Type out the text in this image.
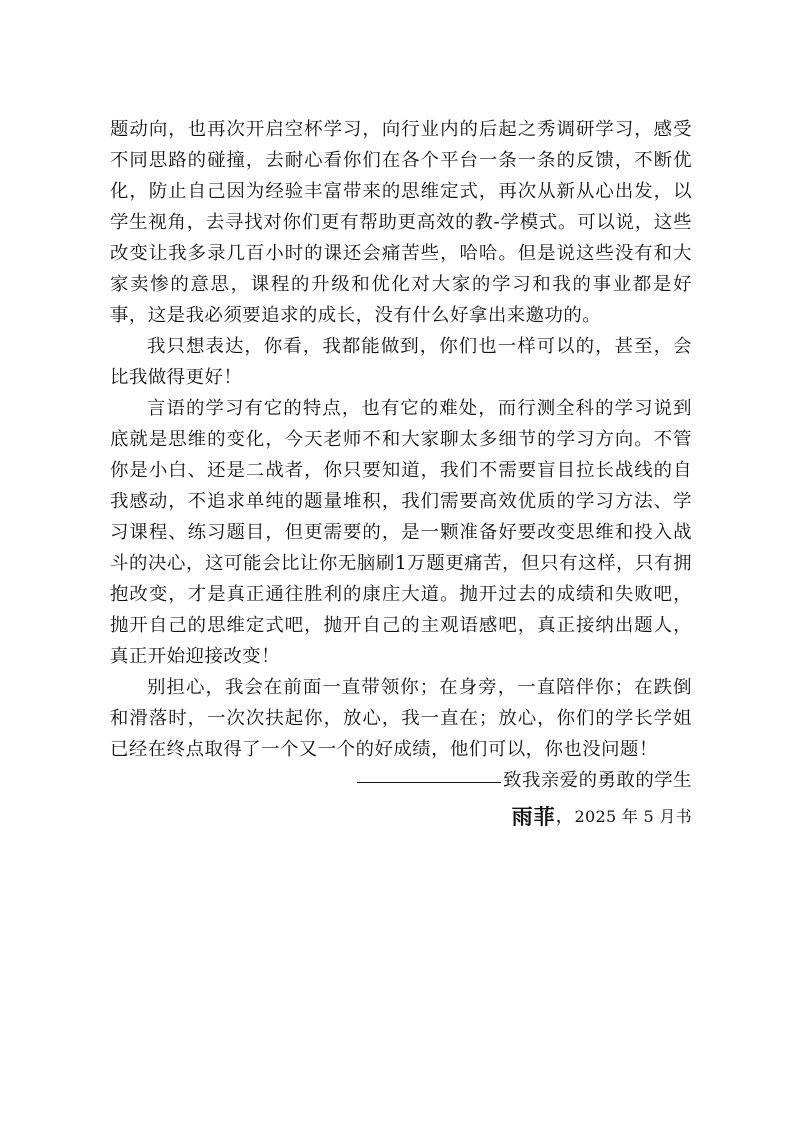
题动向，也再次开启空杯学习，向行业内的后起之秀调研学习，感受不同思路的碰撞，去耐心看你们在各个平台一条一条的反馈，不断优化，防止自己因为经验丰富带来的思维定式，再次从新从心出发，以学生视角，去寻找对你们更有帮助更高效的教-学模式。可以说，这些改变让我多录几百小时的课还会痛苦些，哈哈。但是说这些没有和大家卖惨的意思，课程的升级和优化对大家的学习和我的事业都是好事，这是我必须要追求的成长，没有什么好拿出来邀功的。

我只想表达，你看，我都能做到，你们也一样可以的，甚至，会比我做得更好！

言语的学习有它的特点，也有它的难处，而行测全科的学习说到底就是思维的变化，今天老师不和大家聊太多细节的学习方向。不管你是小白、还是二战者，你只要知道，我们不需要盲目拉长战线的自我感动，不追求单纯的题量堆积，我们需要高效优质的学习方法、学习课程、练习题目，但更需要的，是一颗准备好要改变思维和投入战斗的决心，这可能会比让你无脑刷1万题更痛苦，但只有这样，只有拥抱改变，才是真正通往胜利的康庄大道。抛开过去的成绩和失败吧，抛开自己的思维定式吧，抛开自己的主观语感吧，真正接纳出题人，真正开始迎接改变！

别担心，我会在前面一直带领你；在身旁，一直陪伴你；在跌倒和滑落时，一次次扶起你，放心，我一直在；放心，你们的学长学姐已经在终点取得了一个又一个的好成绩，他们可以，你也没问题！

致我亲爱的勇敢的学生
雨菲 ， 2025 年 5 月书
